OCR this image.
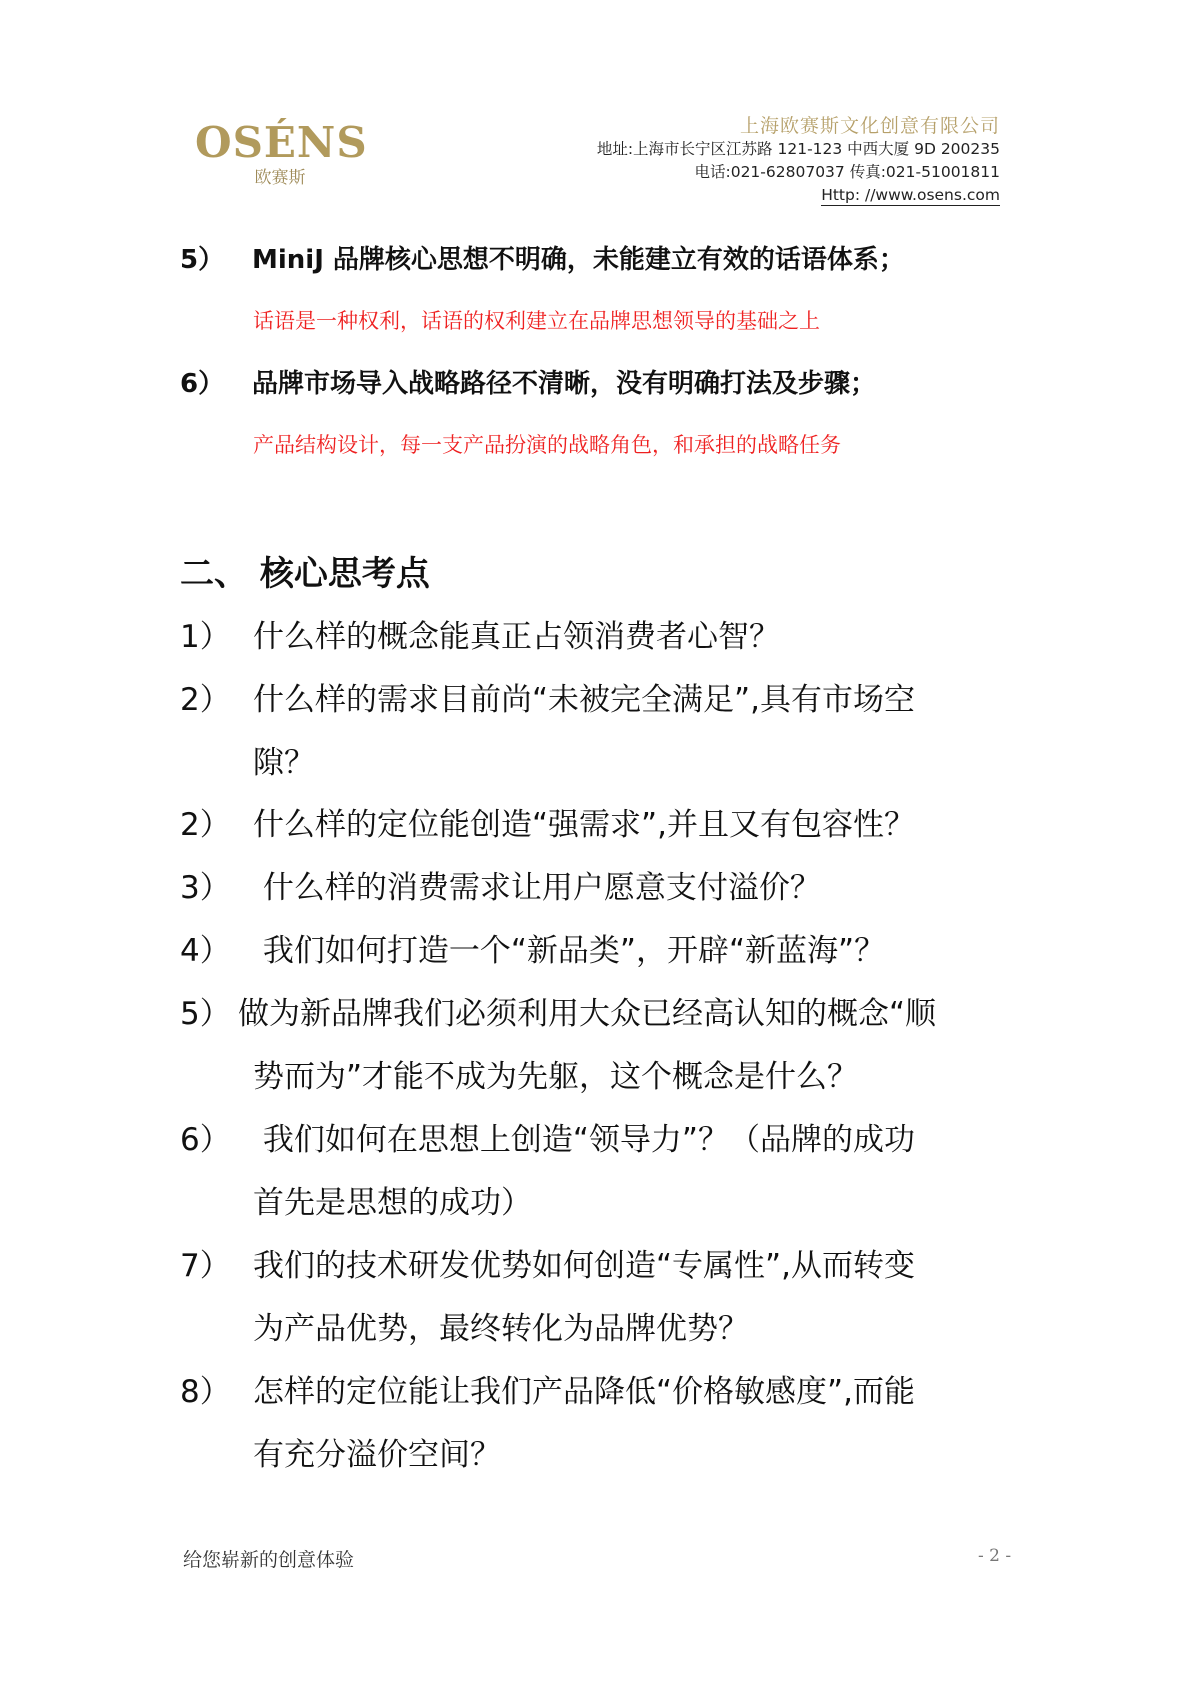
OSÉNS
欧赛斯
上海欧赛斯文化创意有限公司
地址:上海市长宁区江苏路 121-123 中西大厦 9D 200235
电话:021-62807037 传真:021-51001811
Http: //www.osens.com
5） MiniJ 品牌核心思想不明确，未能建立有效的话语体系；
话语是一种权利，话语的权利建立在品牌思想领导的基础之上
6） 品牌市场导入战略路径不清晰，没有明确打法及步骤；
产品结构设计，每一支产品扮演的战略角色，和承担的战略任务
二、 核心思考点
1） 什么样的概念能真正占领消费者心智？
2） 什么样的需求目前尚“未被完全满足”,具有市场空
隙？
2） 什么样的定位能创造“强需求”,并且又有包容性？
3） 什么样的消费需求让用户愿意支付溢价？
4） 我们如何打造一个“新品类”，开辟“新蓝海”？
5） 做为新品牌我们必须利用大众已经高认知的概念“顺
势而为”才能不成为先躯，这个概念是什么？
6） 我们如何在思想上创造“领导力”？（品牌的成功
首先是思想的成功）
7） 我们的技术研发优势如何创造“专属性”,从而转变
为产品优势，最终转化为品牌优势？
8） 怎样的定位能让我们产品降低“价格敏感度”,而能
有充分溢价空间？
给您崭新的创意体验	- 2 -
